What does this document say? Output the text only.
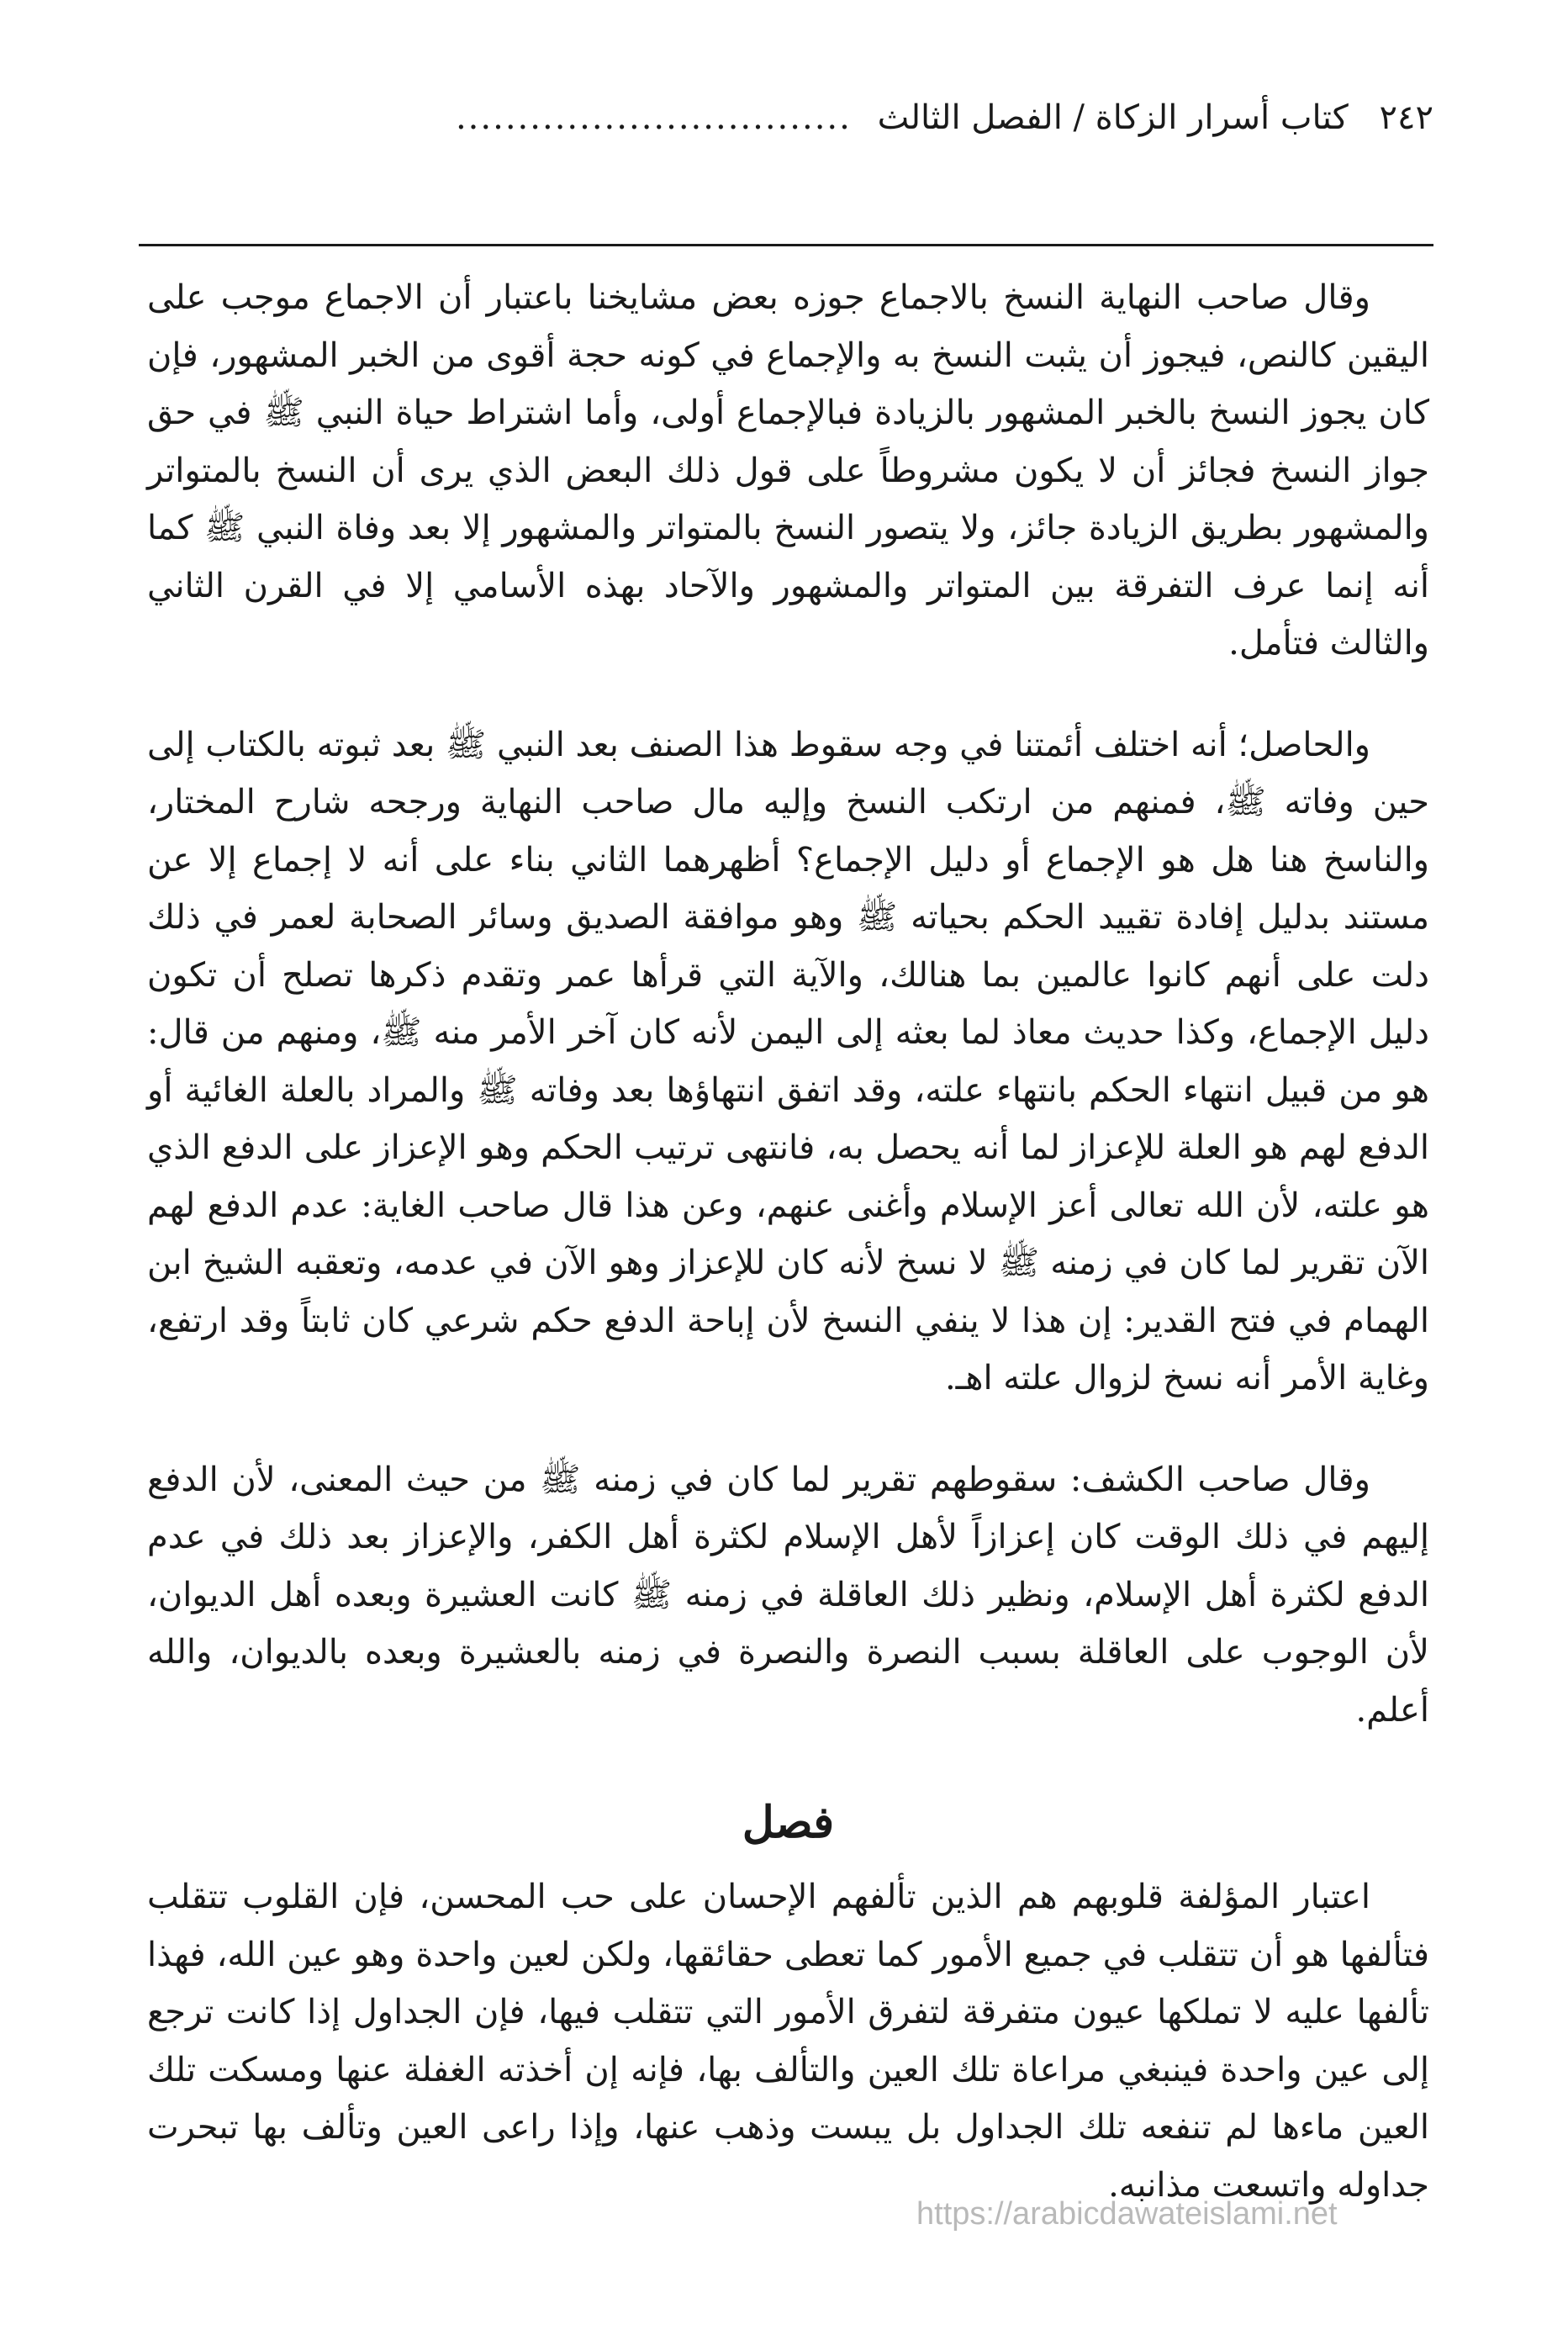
٢٤٢ كتاب أسرار الزكاة / الفصل الثالث ................................

وقال صاحب النهاية النسخ بالاجماع جوزه بعض مشايخنا باعتبار أن الاجماع موجب على اليقين كالنص، فيجوز أن يثبت النسخ به والإجماع في كونه حجة أقوى من الخبر المشهور، فإن كان يجوز النسخ بالخبر المشهور بالزيادة فبالإجماع أولى، وأما اشتراط حياة النبي ﷺ في حق جواز النسخ فجائز أن لا يكون مشروطاً على قول ذلك البعض الذي يرى أن النسخ بالمتواتر والمشهور بطريق الزيادة جائز، ولا يتصور النسخ بالمتواتر والمشهور إلا بعد وفاة النبي ﷺ كما أنه إنما عرف التفرقة بين المتواتر والمشهور والآحاد بهذه الأسامي إلا في القرن الثاني والثالث فتأمل.

والحاصل؛ أنه اختلف أئمتنا في وجه سقوط هذا الصنف بعد النبي ﷺ بعد ثبوته بالكتاب إلى حين وفاته ﷺ، فمنهم من ارتكب النسخ وإليه مال صاحب النهاية ورجحه شارح المختار، والناسخ هنا هل هو الإجماع أو دليل الإجماع؟ أظهرهما الثاني بناء على أنه لا إجماع إلا عن مستند بدليل إفادة تقييد الحكم بحياته ﷺ وهو موافقة الصديق وسائر الصحابة لعمر في ذلك دلت على أنهم كانوا عالمين بما هنالك، والآية التي قرأها عمر وتقدم ذكرها تصلح أن تكون دليل الإجماع، وكذا حديث معاذ لما بعثه إلى اليمن لأنه كان آخر الأمر منه ﷺ، ومنهم من قال: هو من قبيل انتهاء الحكم بانتهاء علته، وقد اتفق انتهاؤها بعد وفاته ﷺ والمراد بالعلة الغائية أو الدفع لهم هو العلة للإعزاز لما أنه يحصل به، فانتهى ترتيب الحكم وهو الإعزاز على الدفع الذي هو علته، لأن الله تعالى أعز الإسلام وأغنى عنهم، وعن هذا قال صاحب الغاية: عدم الدفع لهم الآن تقرير لما كان في زمنه ﷺ لا نسخ لأنه كان للإعزاز وهو الآن في عدمه، وتعقبه الشيخ ابن الهمام في فتح القدير: إن هذا لا ينفي النسخ لأن إباحة الدفع حكم شرعي كان ثابتاً وقد ارتفع، وغاية الأمر أنه نسخ لزوال علته اهـ.

وقال صاحب الكشف: سقوطهم تقرير لما كان في زمنه ﷺ من حيث المعنى، لأن الدفع إليهم في ذلك الوقت كان إعزازاً لأهل الإسلام لكثرة أهل الكفر، والإعزاز بعد ذلك في عدم الدفع لكثرة أهل الإسلام، ونظير ذلك العاقلة في زمنه ﷺ كانت العشيرة وبعده أهل الديوان، لأن الوجوب على العاقلة بسبب النصرة والنصرة في زمنه بالعشيرة وبعده بالديوان، والله أعلم.

فصل

اعتبار المؤلفة قلوبهم هم الذين تألفهم الإحسان على حب المحسن، فإن القلوب تتقلب فتألفها هو أن تتقلب في جميع الأمور كما تعطى حقائقها، ولكن لعين واحدة وهو عين الله، فهذا تألفها عليه لا تملكها عيون متفرقة لتفرق الأمور التي تتقلب فيها، فإن الجداول إذا كانت ترجع إلى عين واحدة فينبغي مراعاة تلك العين والتألف بها، فإنه إن أخذته الغفلة عنها ومسكت تلك العين ماءها لم تنفعه تلك الجداول بل يبست وذهب عنها، وإذا راعى العين وتألف بها تبحرت جداوله واتسعت مذانبه.

https://arabicdawateislami.net
